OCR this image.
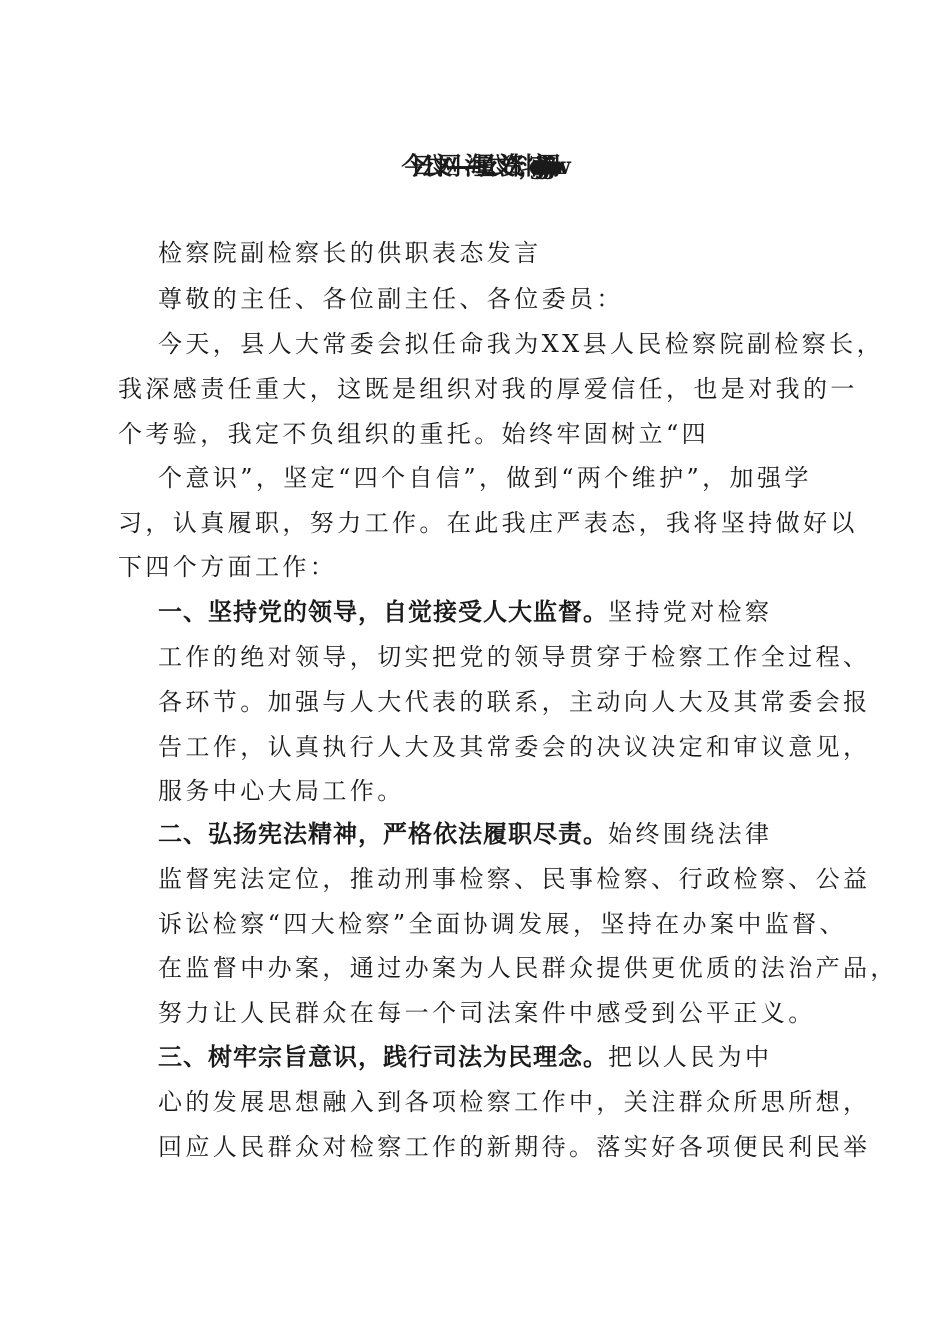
今日公文网——海量公文资料，官网 www.jinrigongwen.com
检察院副检察长的供职表态发言
尊敬的主任、各位副主任、各位委员：
今天，县人大常委会拟任命我为XX县人民检察院副检察长，
我深感责任重大，这既是组织对我的厚爱信任，也是对我的一
个考验，我定不负组织的重托。始终牢固树立“四
个意识”，坚定“四个自信”，做到“两个维护”，加强学
习，认真履职，努力工作。在此我庄严表态，我将坚持做好以
下四个方面工作：
一、坚持党的领导，自觉接受人大监督。坚持党对检察
工作的绝对领导，切实把党的领导贯穿于检察工作全过程、
各环节。加强与人大代表的联系，主动向人大及其常委会报
告工作，认真执行人大及其常委会的决议决定和审议意见，
服务中心大局工作。
二、弘扬宪法精神，严格依法履职尽责。始终围绕法律
监督宪法定位，推动刑事检察、民事检察、行政检察、公益
诉讼检察“四大检察”全面协调发展，坚持在办案中监督、
在监督中办案，通过办案为人民群众提供更优质的法治产品，
努力让人民群众在每一个司法案件中感受到公平正义。
三、树牢宗旨意识，践行司法为民理念。把以人民为中
心的发展思想融入到各项检察工作中，关注群众所思所想，
回应人民群众对检察工作的新期待。落实好各项便民利民举
